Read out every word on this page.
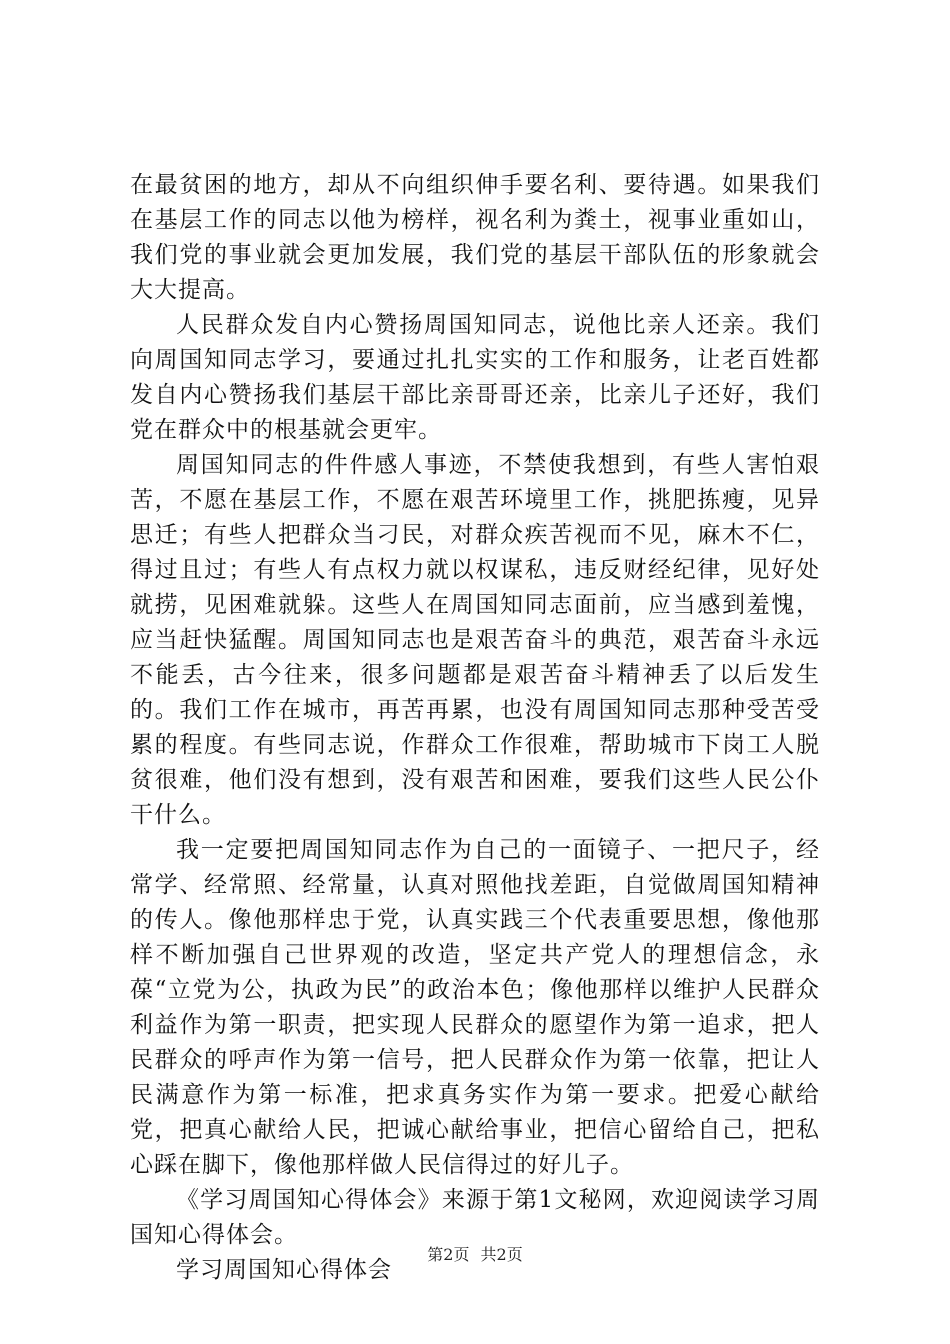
在最贫困的地方，却从不向组织伸手要名利、要待遇。如果我们在基层工作的同志以他为榜样，视名利为粪土，视事业重如山，我们党的事业就会更加发展，我们党的基层干部队伍的形象就会大大提高。

人民群众发自内心赞扬周国知同志，说他比亲人还亲。我们向周国知同志学习，要通过扎扎实实的工作和服务，让老百姓都发自内心赞扬我们基层干部比亲哥哥还亲，比亲儿子还好，我们党在群众中的根基就会更牢。

周国知同志的件件感人事迹，不禁使我想到，有些人害怕艰苦，不愿在基层工作，不愿在艰苦环境里工作，挑肥拣瘦，见异思迁；有些人把群众当刁民，对群众疾苦视而不见，麻木不仁，得过且过；有些人有点权力就以权谋私，违反财经纪律，见好处就捞，见困难就躲。这些人在周国知同志面前，应当感到羞愧，应当赶快猛醒。周国知同志也是艰苦奋斗的典范，艰苦奋斗永远不能丢，古今往来，很多问题都是艰苦奋斗精神丢了以后发生的。我们工作在城市，再苦再累，也没有周国知同志那种受苦受累的程度。有些同志说，作群众工作很难，帮助城市下岗工人脱贫很难，他们没有想到，没有艰苦和困难，要我们这些人民公仆干什么。

我一定要把周国知同志作为自己的一面镜子、一把尺子，经常学、经常照、经常量，认真对照他找差距，自觉做周国知精神的传人。像他那样忠于党，认真实践三个代表重要思想，像他那样不断加强自己世界观的改造，坚定共产党人的理想信念，永葆“立党为公，执政为民”的政治本色；像他那样以维护人民群众利益作为第一职责，把实现人民群众的愿望作为第一追求，把人民群众的呼声作为第一信号，把人民群众作为第一依靠，把让人民满意作为第一标准，把求真务实作为第一要求。把爱心献给党，把真心献给人民，把诚心献给事业，把信心留给自己，把私心踩在脚下，像他那样做人民信得过的好儿子。

《学习周国知心得体会》来源于第1文秘网，欢迎阅读学习周国知心得体会。

学习周国知心得体会

第2页 共2页
